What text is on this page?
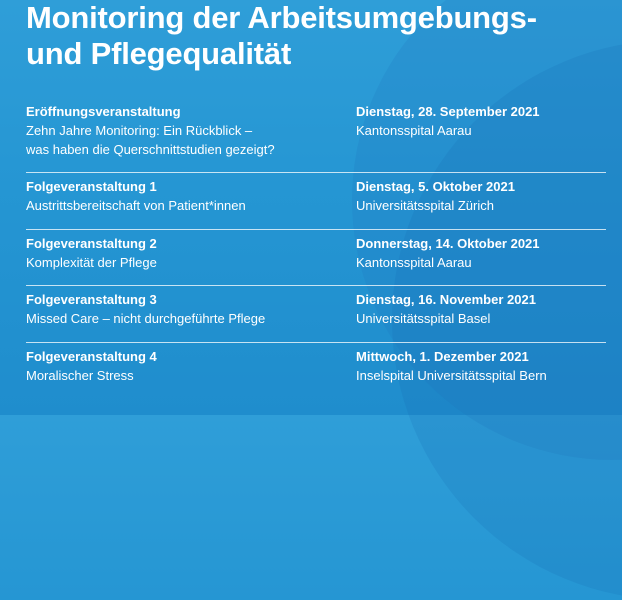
Monitoring der Arbeitsumgebungs-
und Pflegequalität
Eröffnungsveranstaltung
Zehn Jahre Monitoring: Ein Rückblick –
was haben die Querschnittstudien gezeigt?
Dienstag, 28. September 2021
Kantonsspital Aarau
Folgeveranstaltung 1
Austrittsbereitschaft von Patient*innen
Dienstag, 5. Oktober 2021
Universitätsspital Zürich
Folgeveranstaltung 2
Komplexität der Pflege
Donnerstag, 14. Oktober 2021
Kantonsspital Aarau
Folgeveranstaltung 3
Missed Care – nicht durchgeführte Pflege
Dienstag, 16. November 2021
Universitätsspital Basel
Folgeveranstaltung 4
Moralischer Stress
Mittwoch, 1. Dezember 2021
Inselspital Universitätsspital Bern
